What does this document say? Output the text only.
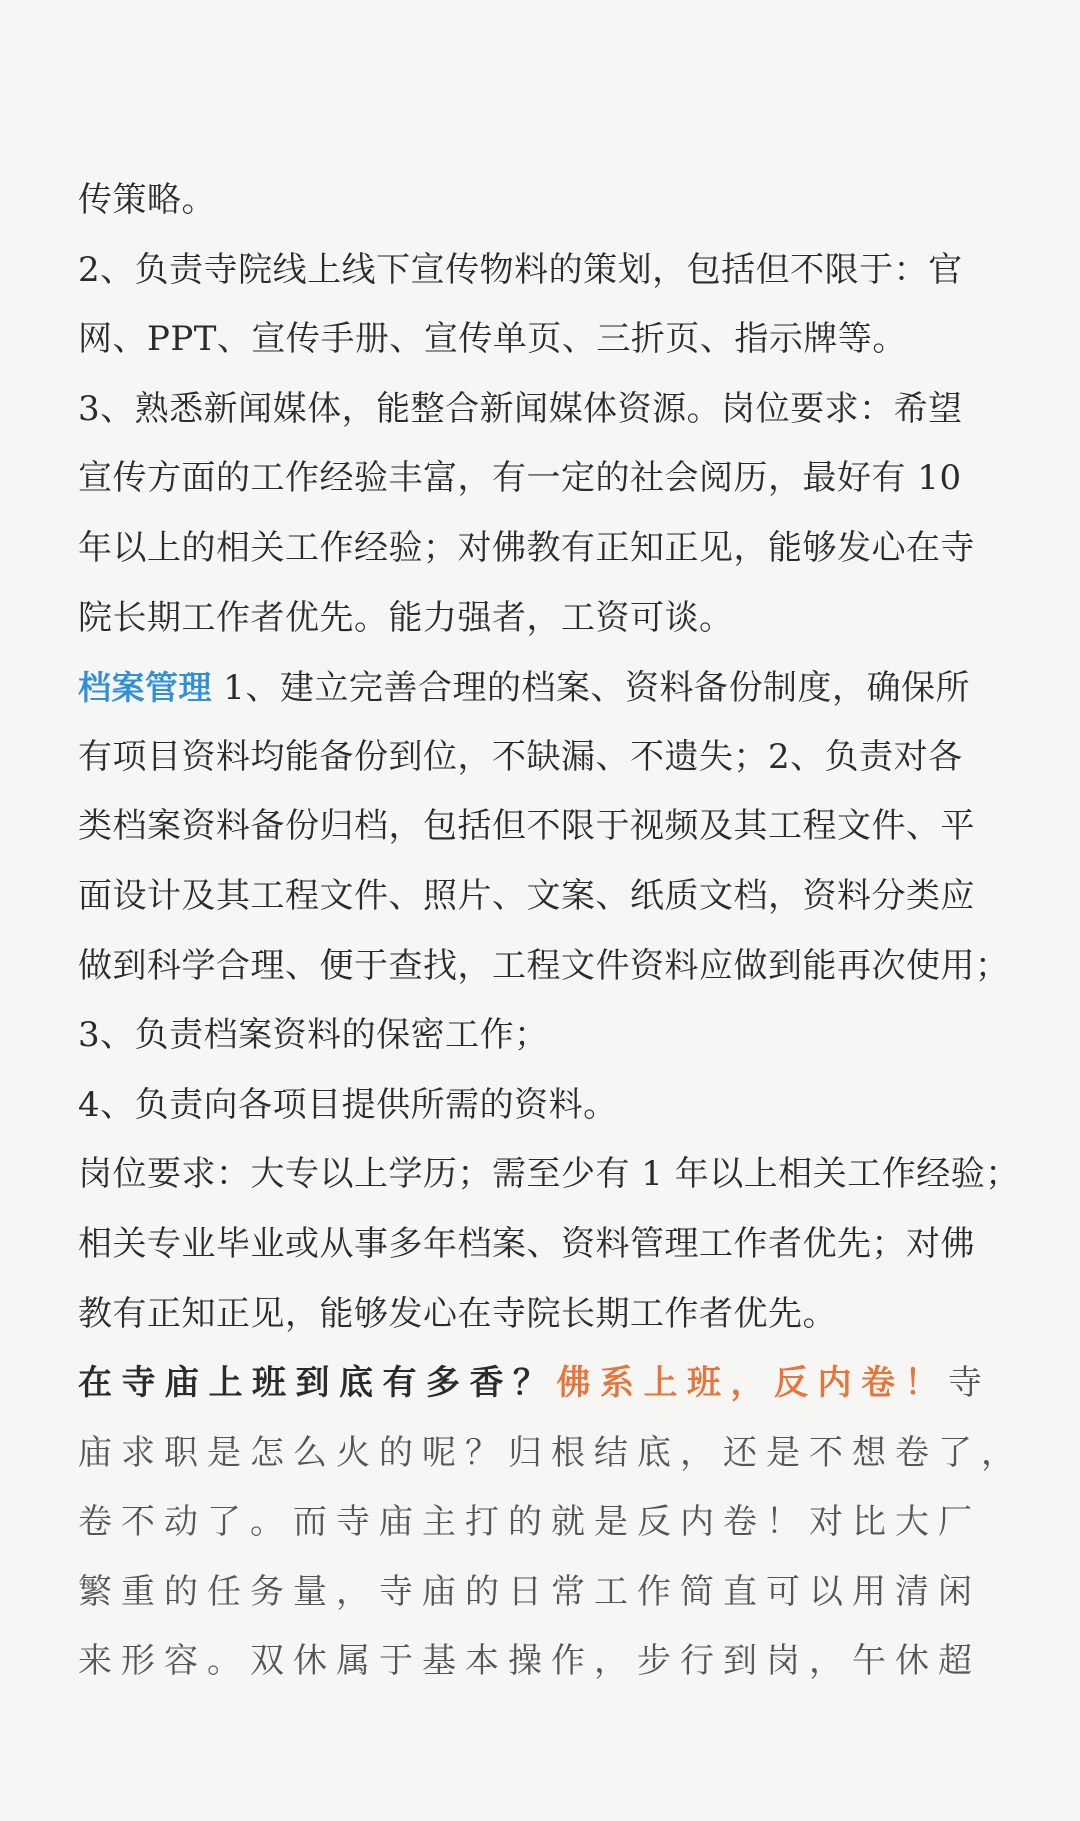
传策略。
2、负责寺院线上线下宣传物料的策划，包括但不限于：官
网、PPT、宣传手册、宣传单页、三折页、指示牌等。
3、熟悉新闻媒体，能整合新闻媒体资源。岗位要求：希望
宣传方面的工作经验丰富，有一定的社会阅历，最好有 10
年以上的相关工作经验；对佛教有正知正见，能够发心在寺
院长期工作者优先。能力强者，工资可谈。
档案管理 1、建立完善合理的档案、资料备份制度，确保所
有项目资料均能备份到位，不缺漏、不遗失；2、负责对各
类档案资料备份归档，包括但不限于视频及其工程文件、平
面设计及其工程文件、照片、文案、纸质文档，资料分类应
做到科学合理、便于查找，工程文件资料应做到能再次使用；
3、负责档案资料的保密工作；
4、负责向各项目提供所需的资料。
岗位要求：大专以上学历；需至少有 1 年以上相关工作经验；
相关专业毕业或从事多年档案、资料管理工作者优先；对佛
教有正知正见，能够发心在寺院长期工作者优先。
在寺庙上班到底有多香？佛系上班，反内卷！寺
庙求职是怎么火的呢？归根结底，还是不想卷了，
卷不动了。而寺庙主打的就是反内卷！对比大厂
繁重的任务量，寺庙的日常工作简直可以用清闲
来形容。双休属于基本操作，步行到岗，午休超
